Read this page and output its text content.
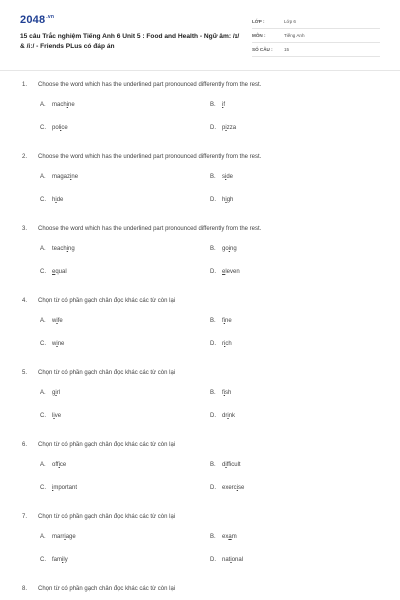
$2048^{.vn}$
15 câu Trắc nghiệm Tiếng Anh 6 Unit 5 : Food and Health - Ngữ âm: /ɪ/ & /iː/ - Friends PLus có đáp án
LỚP :	Lớp 6
MÔN :	Tiếng Anh
SỐ CÂU : 15
1. Choose the word which has the underlined part pronounced differently from the rest.
A. machine	B. if
C. police	D. pizza
2. Choose the word which has the underlined part pronounced differently from the rest.
A. magazine	B. side
C. hide	D. high
3. Choose the word which has the underlined part pronounced differently from the rest.
A. teaching	B. going
C. equal	D. eleven
4. Chọn từ có phần gạch chân đọc khác các từ còn lại
A. wife	B. fine
C. wine	D. rich
5. Chọn từ có phần gạch chân đọc khác các từ còn lại
A. girl	B. fish
C. live	D. drink
6. Chọn từ có phần gạch chân đọc khác các từ còn lại
A. office	B. difficult
C. important	D. exercise
7. Chọn từ có phần gạch chân đọc khác các từ còn lại
A. marriage	B. exam
C. family	D. national
8. Chọn từ có phần gạch chân đọc khác các từ còn lại
